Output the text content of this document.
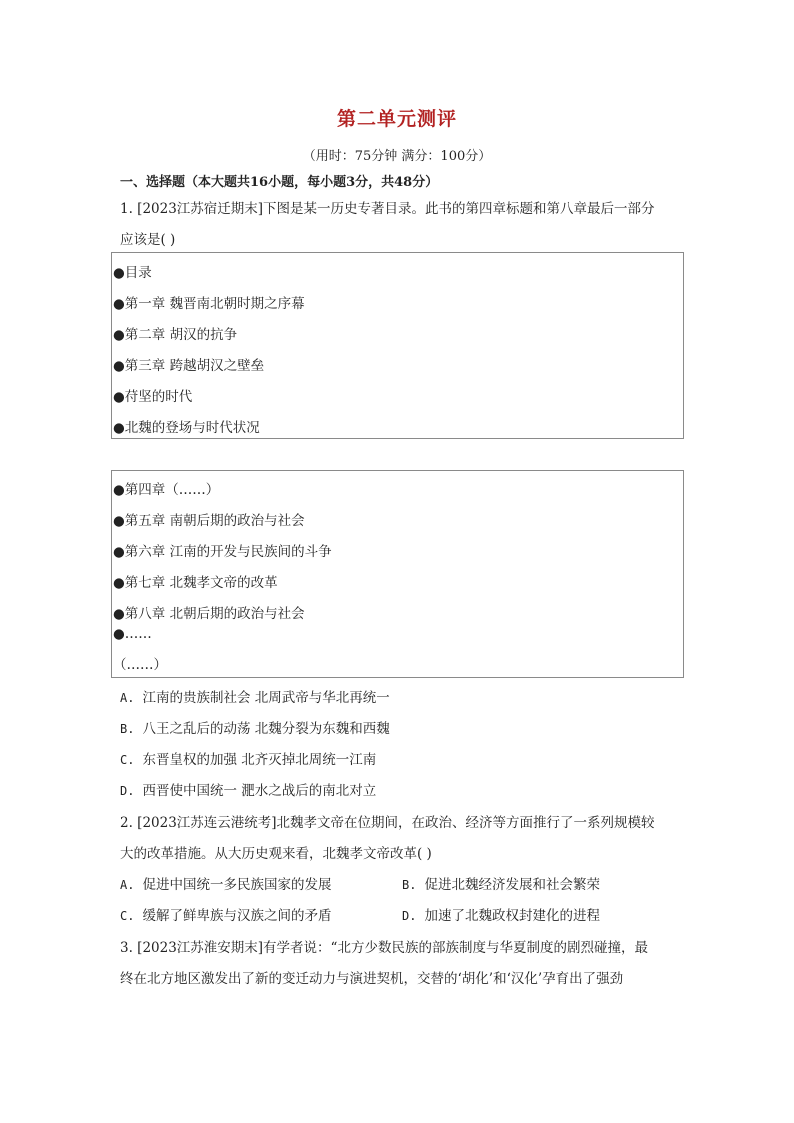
第二单元测评
（用时：75分钟 满分：100分）
一、选择题（本大题共16小题，每小题3分，共48分）
1. [2023江苏宿迁期末]下图是某一历史专著目录。此书的第四章标题和第八章最后一部分
应该是( )
●目录
●第一章 魏晋南北朝时期之序幕
●第二章 胡汉的抗争
●第三章 跨越胡汉之壁垒
●苻坚的时代
●北魏的登场与时代状况
●第四章（……）
●第五章 南朝后期的政治与社会
●第六章 江南的开发与民族间的斗争
●第七章 北魏孝文帝的改革
●第八章 北朝后期的政治与社会
●……
（……）
A. 江南的贵族制社会 北周武帝与华北再统一
B. 八王之乱后的动荡 北魏分裂为东魏和西魏
C. 东晋皇权的加强 北齐灭掉北周统一江南
D. 西晋使中国统一 淝水之战后的南北对立
2. [2023江苏连云港统考]北魏孝文帝在位期间，在政治、经济等方面推行了一系列规模较
大的改革措施。从大历史观来看，北魏孝文帝改革( )
A. 促进中国统一多民族国家的发展	B. 促进北魏经济发展和社会繁荣
C. 缓解了鲜卑族与汉族之间的矛盾	D. 加速了北魏政权封建化的进程
3. [2023江苏淮安期末]有学者说：“北方少数民族的部族制度与华夏制度的剧烈碰撞，最
终在北方地区激发出了新的变迁动力与演进契机，交替的‘胡化’和‘汉化’孕育出了强劲
